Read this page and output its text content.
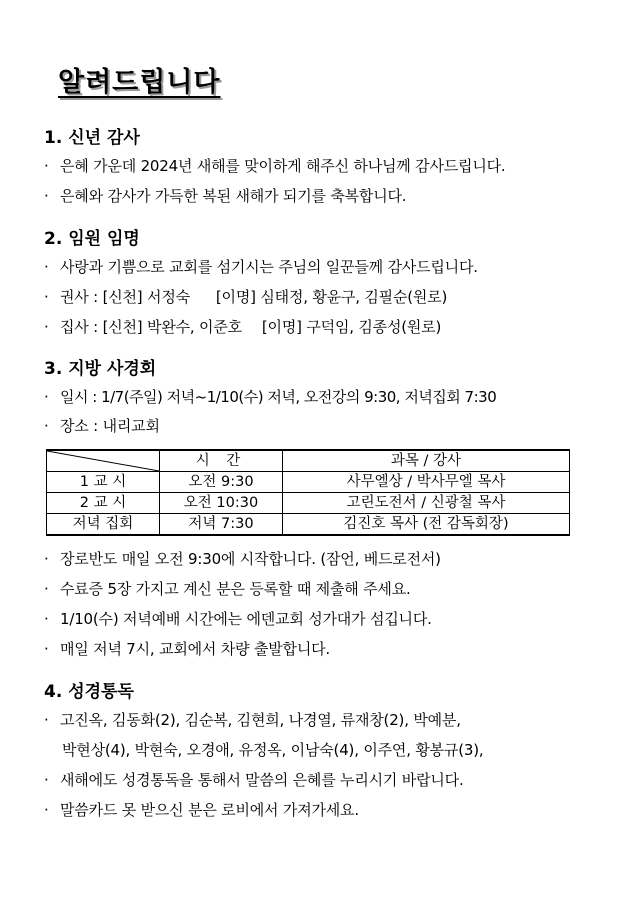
알려드립니다
1. 신년 감사
· 은혜 가운데 2024년 새해를 맞이하게 해주신 하나님께 감사드립니다.
· 은혜와 감사가 가득한 복된 새해가 되기를 축복합니다.
2. 임원 임명
· 사랑과 기쁨으로 교회를 섬기시는 주님의 일꾼들께 감사드립니다.
· 권사 : [신천] 서정숙 [이명] 심태정, 황윤구, 김필순(원로)
· 집사 : [신천] 박완수, 이준호 [이명] 구덕임, 김종성(원로)
3. 지방 사경회
· 일시 : 1/7(주일) 저녁~1/10(수) 저녁, 오전강의 9:30, 저녁집회 7:30
· 장소 : 내리교회
	시 간	과목 / 강사
1 교 시	오전 9:30	사무엘상 / 박사무엘 목사
2 교 시	오전 10:30	고린도전서 / 신광철 목사
저녁 집회	저녁 7:30	김진호 목사 (전 감독회장)
· 장로반도 매일 오전 9:30에 시작합니다. (잠언, 베드로전서)
· 수료증 5장 가지고 계신 분은 등록할 때 제출해 주세요.
· 1/10(수) 저녁예배 시간에는 에덴교회 성가대가 섬깁니다.
· 매일 저녁 7시, 교회에서 차량 출발합니다.
4. 성경통독
· 고진옥, 김동화(2), 김순복, 김현희, 나경열, 류재창(2), 박예분,
박현상(4), 박현숙, 오경애, 유정옥, 이남숙(4), 이주연, 황봉규(3),
· 새해에도 성경통독을 통해서 말씀의 은혜를 누리시기 바랍니다.
· 말씀카드 못 받으신 분은 로비에서 가져가세요.
